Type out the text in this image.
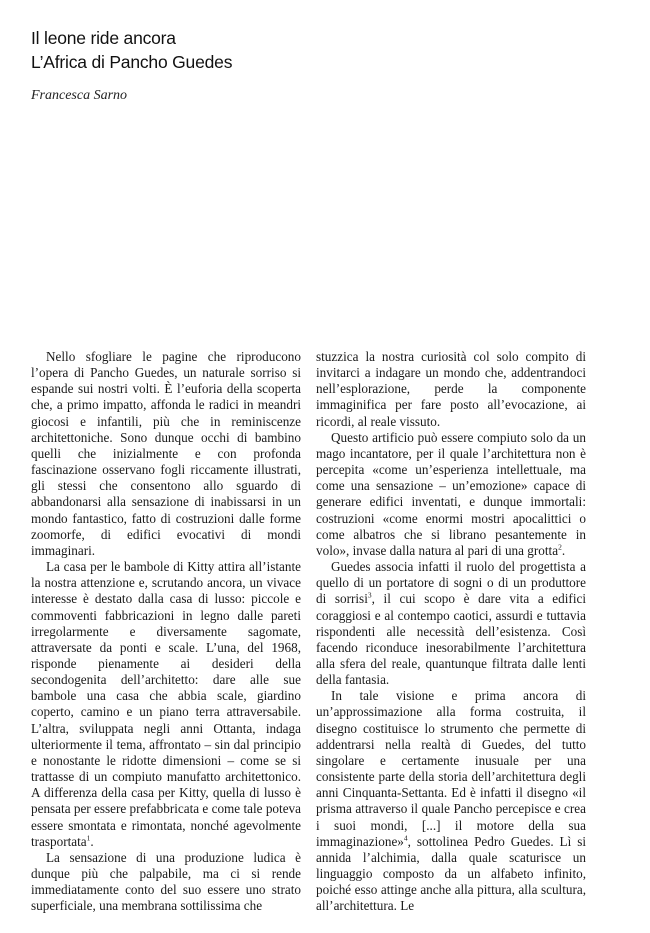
Il leone ride ancora
L’Africa di Pancho Guedes
Francesca Sarno

Nello sfogliare le pagine che riproducono l’opera di Pancho Guedes, un naturale sorriso si espande sui nostri volti. È l’euforia della scoperta che, a primo impatto, affonda le radici in meandri giocosi e infantili, più che in reminiscenze architettoniche. Sono dunque occhi di bambino quelli che inizialmente e con profonda fascinazione osservano fogli riccamente illustrati, gli stessi che consentono allo sguardo di abbandonarsi alla sensazione di inabissarsi in un mondo fantastico, fatto di costruzioni dalle forme zoomorfe, di edifici evocativi di mondi immaginari.

La casa per le bambole di Kitty attira all’istante la nostra attenzione e, scrutando ancora, un vivace interesse è destato dalla casa di lusso: piccole e commoventi fabbricazioni in legno dalle pareti irregolarmente e diversamente sagomate, attraversate da ponti e scale. L’una, del 1968, risponde pienamente ai desideri della secondogenita dell’architetto: dare alle sue bambole una casa che abbia scale, giardino coperto, camino e un piano terra attraversabile. L’altra, sviluppata negli anni Ottanta, indaga ulteriormente il tema, affrontato – sin dal principio e nonostante le ridotte dimensioni – come se si trattasse di un compiuto manufatto architettonico. A differenza della casa per Kitty, quella di lusso è pensata per essere prefabbricata e come tale poteva essere smontata e rimontata, nonché agevolmente trasportata$^1$.

La sensazione di una produzione ludica è dunque più che palpabile, ma ci si rende immediatamente conto del suo essere uno strato superficiale, una membrana sottilissima che

stuzzica la nostra curiosità col solo compito di invitarci a indagare un mondo che, addentrandoci nell’esplorazione, perde la componente immaginifica per fare posto all’evocazione, ai ricordi, al reale vissuto.

Questo artificio può essere compiuto solo da un mago incantatore, per il quale l’architettura non è percepita «come un’esperienza intellettuale, ma come una sensazione – un’emozione» capace di generare edifici inventati, e dunque immortali: costruzioni «come enormi mostri apocalittici o come albatros che si librano pesantemente in volo», invase dalla natura al pari di una grotta$^2$.

Guedes associa infatti il ruolo del progettista a quello di un portatore di sogni o di un produttore di sorrisi$^3$, il cui scopo è dare vita a edifici coraggiosi e al contempo caotici, assurdi e tuttavia rispondenti alle necessità dell’esistenza. Così facendo riconduce inesorabilmente l’architettura alla sfera del reale, quantunque filtrata dalle lenti della fantasia.

In tale visione e prima ancora di un’approssimazione alla forma costruita, il disegno costituisce lo strumento che permette di addentrarsi nella realtà di Guedes, del tutto singolare e certamente inusuale per una consistente parte della storia dell’architettura degli anni Cinquanta-Settanta. Ed è infatti il disegno «il prisma attraverso il quale Pancho percepisce e crea i suoi mondi, [...] il motore della sua immaginazione»$^4$, sottolinea Pedro Guedes. Lì si annida l’alchimia, dalla quale scaturisce un linguaggio composto da un alfabeto infinito, poiché esso attinge anche alla pittura, alla scultura, all’architettura. Le
